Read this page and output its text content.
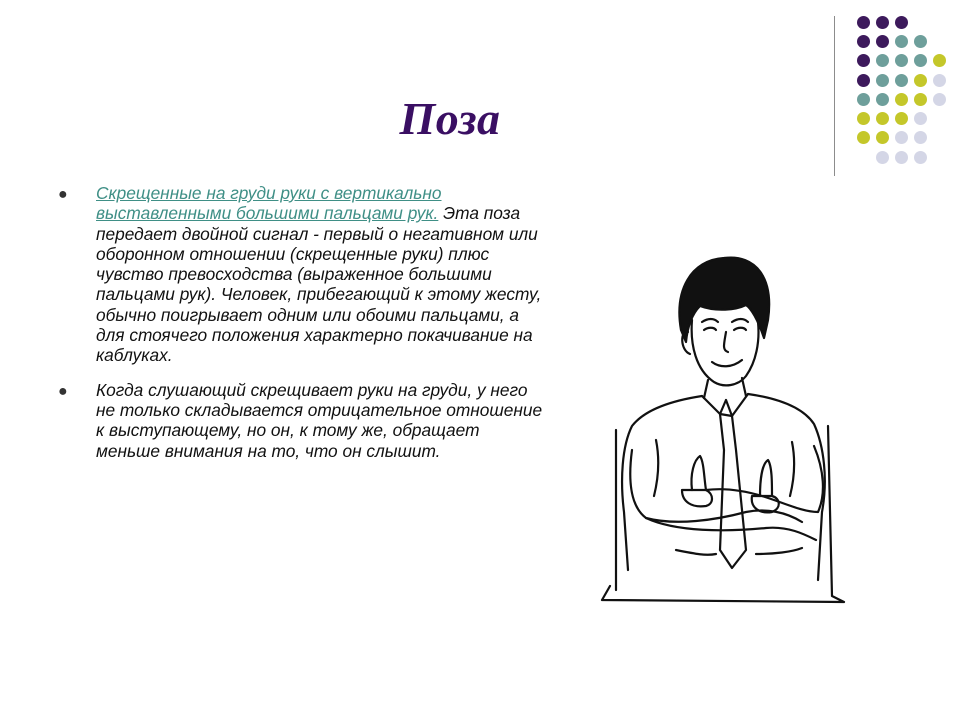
Поза
● Скрещенные на груди руки с вертикально выставленными большими пальцами рук. Эта поза передает двойной сигнал - первый о негативном или оборонном отношении (скрещенные руки) плюс чувство превосходства (выраженное большими пальцами рук). Человек, прибегающий к этому жесту, обычно поигрывает одним или обоими пальцами, а для стоячего положения характерно покачивание на каблуках.

● Когда слушающий скрещивает руки на груди, у него не только складывается отрицательное отношение к выступающему, но он, к тому же, обращает меньше внимания на то, что он слышит.
